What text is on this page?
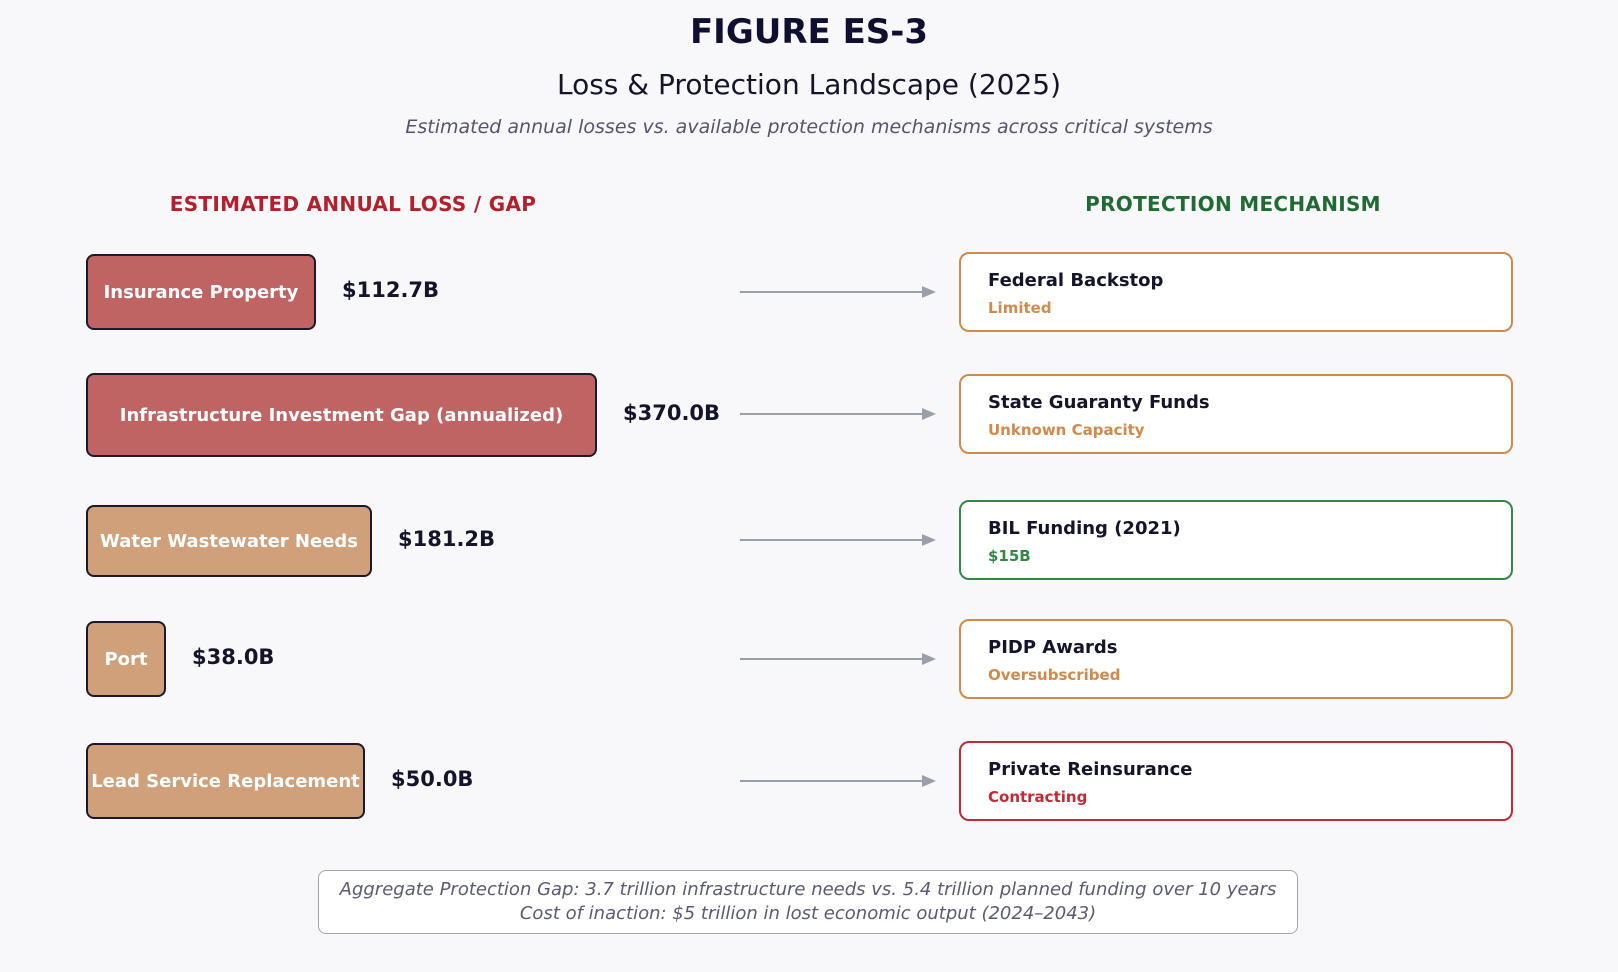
FIGURE ES-3
Loss & Protection Landscape (2025)
Estimated annual losses vs. available protection mechanisms across critical systems
ESTIMATED ANNUAL LOSS / GAP	PROTECTION MECHANISM
Insurance Property	$112.7B	Federal Backstop
Limited
Infrastructure Investment Gap (annualized)	$370.0B	State Guaranty Funds
Unknown Capacity
Water Wastewater Needs	$181.2B	BIL Funding (2021)
$15B
Port	$38.0B	PIDP Awards
Oversubscribed
Lead Service Replacement $50.0B	Private Reinsurance
Contracting
Aggregate Protection Gap: 3.7 trillion infrastructure needs vs. 5.4 trillion planned funding over 10 years
Cost of inaction: $5 trillion in lost economic output (2024–2043)
